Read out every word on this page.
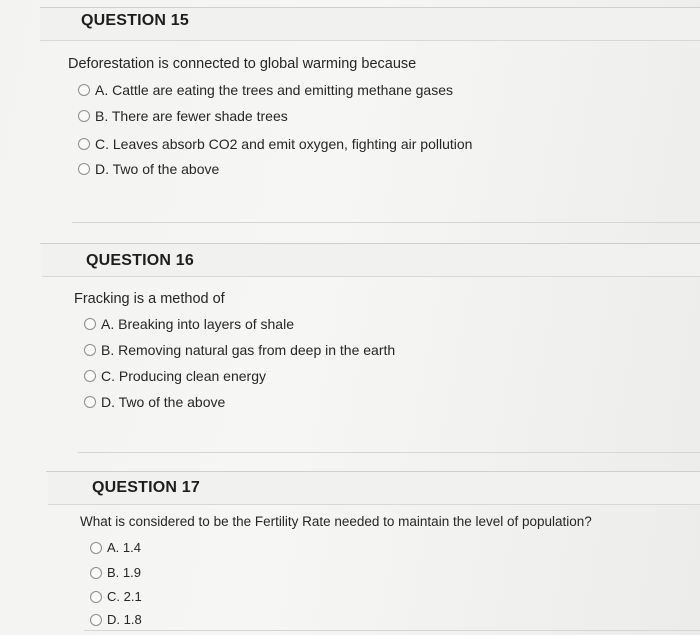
QUESTION 15
Deforestation is connected to global warming because
A. Cattle are eating the trees and emitting methane gases
B. There are fewer shade trees
C. Leaves absorb CO2 and emit oxygen, fighting air pollution
D. Two of the above
QUESTION 16
Fracking is a method of
A. Breaking into layers of shale
B. Removing natural gas from deep in the earth
C. Producing clean energy
D. Two of the above
QUESTION 17
What is considered to be the Fertility Rate needed to maintain the level of population?
A. 1.4
B. 1.9
C. 2.1
D. 1.8
